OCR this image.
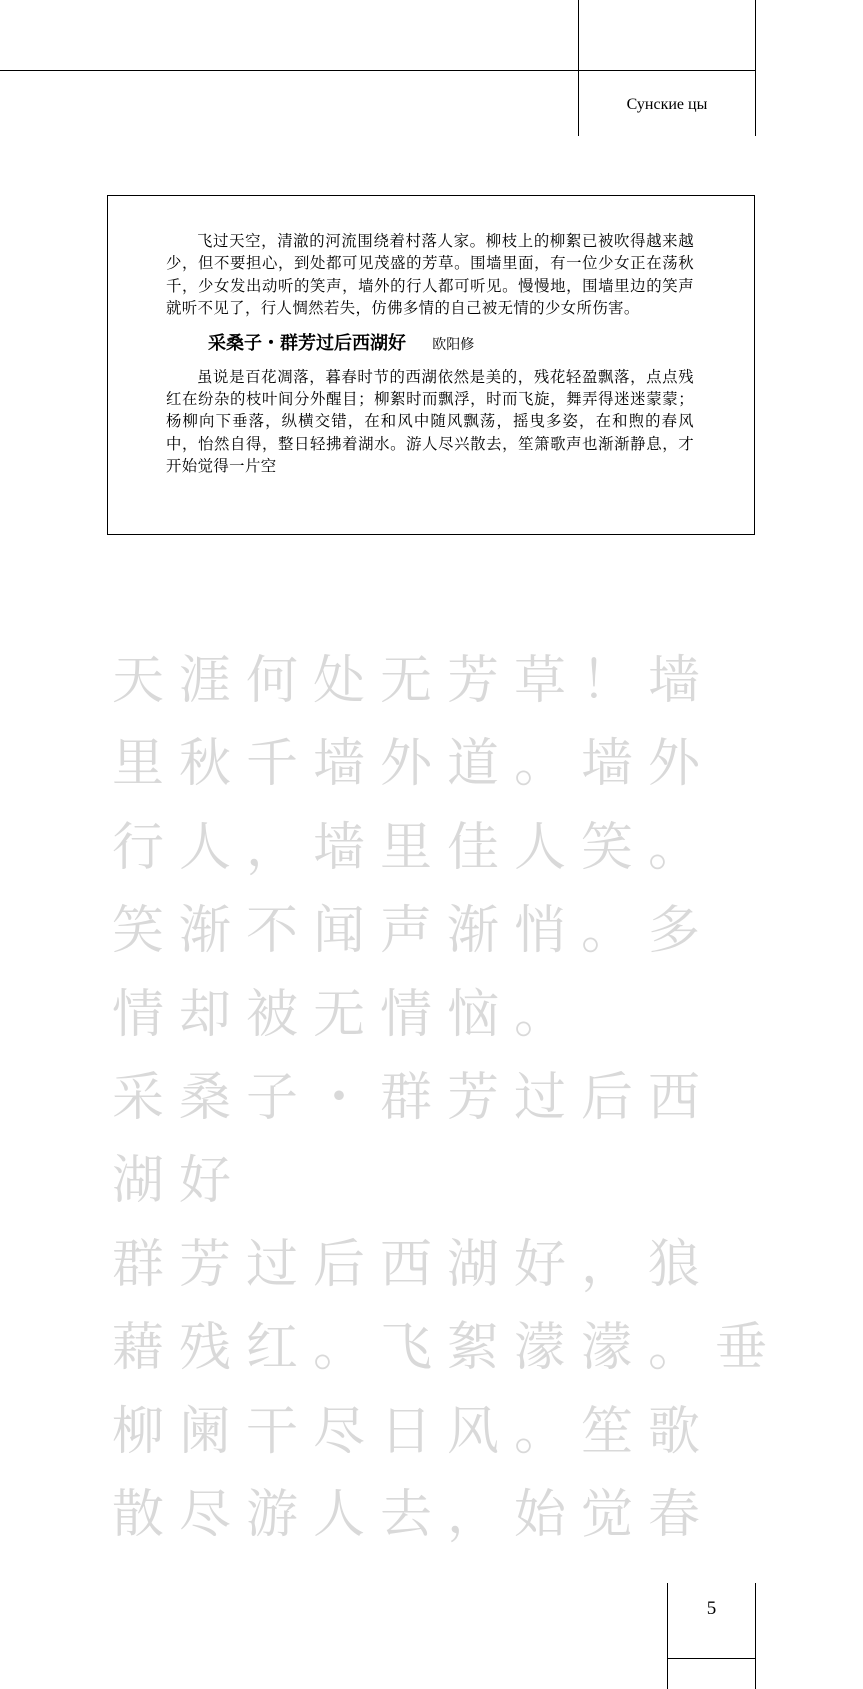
Сунские цы

飞过天空，清澈的河流围绕着村落人家。柳枝上的柳絮已被吹得越来越少，但不要担心，到处都可见茂盛的芳草。围墙里面，有一位少女正在荡秋千，少女发出动听的笑声，墙外的行人都可听见。慢慢地，围墙里边的笑声就听不见了，行人惆然若失，仿佛多情的自己被无情的少女所伤害。

采桑子・群芳过后西湖好 欧阳修

虽说是百花凋落，暮春时节的西湖依然是美的，残花轻盈飘落，点点残红在纷杂的枝叶间分外醒目；柳絮时而飘浮，时而飞旋，舞弄得迷迷蒙蒙；杨柳向下垂落，纵横交错，在和风中随风飘荡，摇曳多姿，在和煦的春风中，怡然自得，整日轻拂着湖水。游人尽兴散去，笙箫歌声也渐渐静息，才开始觉得一片空

天涯何处无芳草！墙
里秋千墙外道。墙外
行人，墙里佳人笑。
笑渐不闻声渐悄。多
情却被无情恼。
采桑子・群芳过后西
湖好
群芳过后西湖好，狼
藉残红。飞絮濛濛。垂
柳阑干尽日风。笙歌
散尽游人去，始觉春
5
